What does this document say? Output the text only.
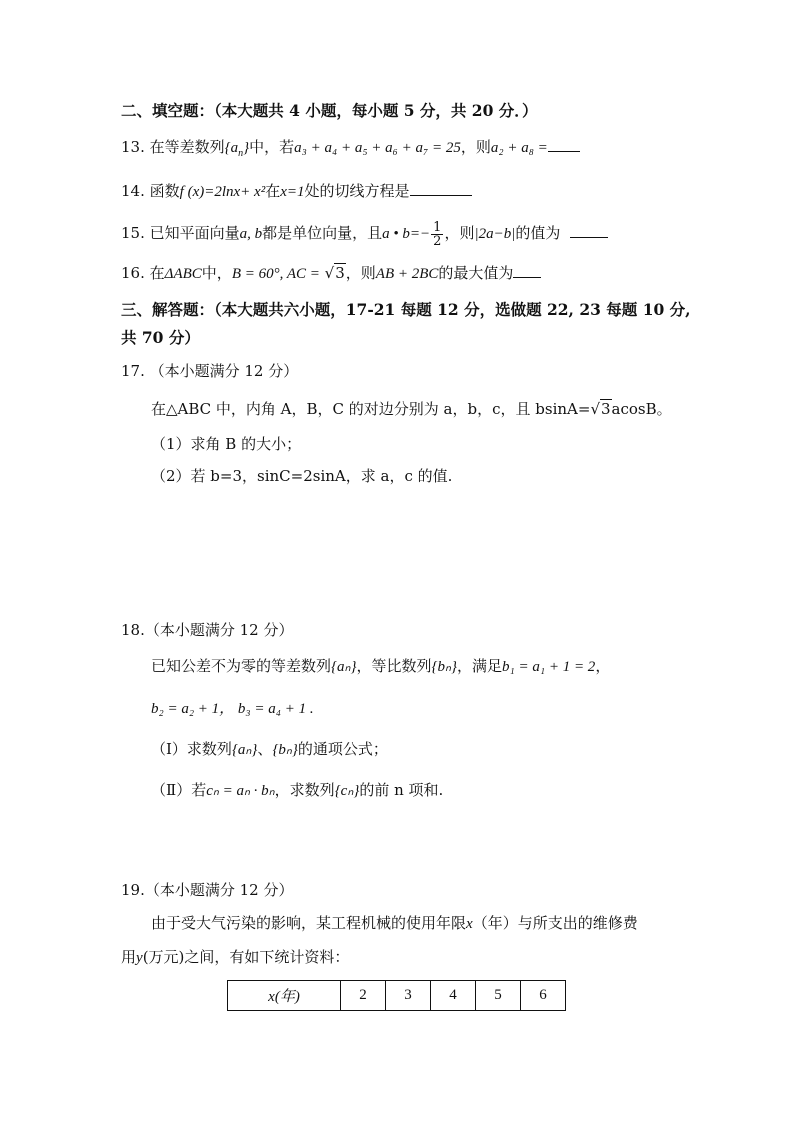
二、填空题：（本大题共 4 小题，每小题 5 分，共 20 分．）
13. 在等差数列$\{a_n\}$中，若a₃ + a₄ + a₅ + a₆ + a₇ = 25，则a₂ + a₈ =
14. 函数f (x)=2lnx+ x²在x=1处的切线方程是
15. 已知平面向量a, b都是单位向量，且a • $b=- \frac{1}{2}$ ，则|2a−b|的值为
16. 在ΔABC中，B = 60°, AC = √3，则AB + 2BC的最大值为
三、解答题：（本大题共六小题，17-21 每题 12 分，选做题 22, 23 每题 10 分,
共 70 分）
17. （本小题满分 12 分）
在△ABC 中，内角 A，B，C 的对边分别为 a，b，c，且 bsinA=√3acosB。
（1）求角 B 的大小；
（2）若 b=3，sinC=2sinA，求 a，c 的值.
18.（本小题满分 12 分）
已知公差不为零的等差数列{aₙ}，等比数列{bₙ}，满足b₁ = a₁ + 1 = 2，
b₂ = a₂ + 1， b₃ = a₄ + 1 .
（Ⅰ）求数列{aₙ}、{bₙ}的通项公式；
（Ⅱ）若cₙ = aₙ · bₙ，求数列{cₙ}的前 n 项和.
19.（本小题满分 12 分）
由于受大气污染的影响，某工程机械的使用年限x（年）与所支出的维修费
用y(万元)之间，有如下统计资料：
x(年)	2	3	4	5	6
